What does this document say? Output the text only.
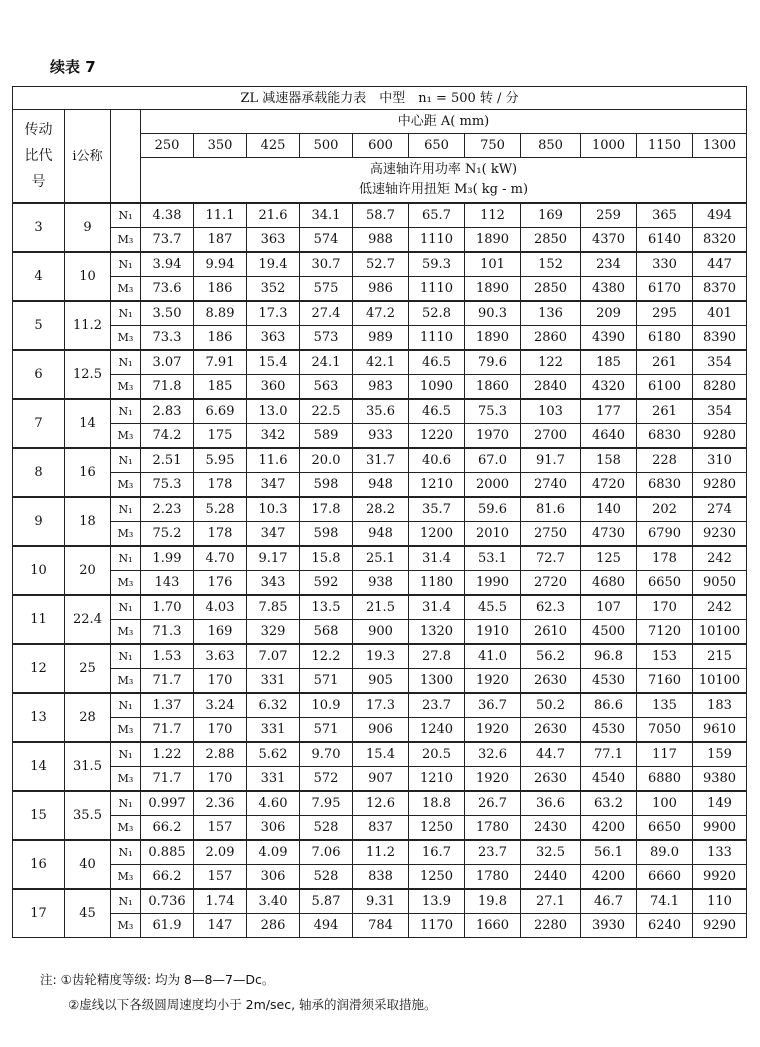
续表 7
ZL 减速器承载能力表　中型　n₁ = 500 转 / 分													

传动比代号	i公称		中心距 A( mm)										
			250	350	425	500	600	650	750	850	1000	1150	1300

			高速轴许用功率 N₁( kW)
低速轴许用扭矩 M₃( kg - m)										

3	9	N₁	4.38	11.1	21.6	34.1	58.7	65.7	112	169	259	365	494
		M₃	73.7	187	363	574	988	1110	1890	2850	4370	6140	8320
4	10	N₁	3.94	9.94	19.4	30.7	52.7	59.3	101	152	234	330	447
		M₃	73.6	186	352	575	986	1110	1890	2850	4380	6170	8370
5	11.2	N₁	3.50	8.89	17.3	27.4	47.2	52.8	90.3	136	209	295	401
		M₃	73.3	186	363	573	989	1110	1890	2860	4390	6180	8390
6	12.5	N₁	3.07	7.91	15.4	24.1	42.1	46.5	79.6	122	185	261	354
		M₃	71.8	185	360	563	983	1090	1860	2840	4320	6100	8280
7	14	N₁	2.83	6.69	13.0	22.5	35.6	46.5	75.3	103	177	261	354
		M₃	74.2	175	342	589	933	1220	1970	2700	4640	6830	9280
8	16	N₁	2.51	5.95	11.6	20.0	31.7	40.6	67.0	91.7	158	228	310
		M₃	75.3	178	347	598	948	1210	2000	2740	4720	6830	9280
9	18	N₁	2.23	5.28	10.3	17.8	28.2	35.7	59.6	81.6	140	202	274
		M₃	75.2	178	347	598	948	1200	2010	2750	4730	6790	9230
10	20	N₁	1.99	4.70	9.17	15.8	25.1	31.4	53.1	72.7	125	178	242
		M₃	143	176	343	592	938	1180	1990	2720	4680	6650	9050
11	22.4	N₁	1.70	4.03	7.85	13.5	21.5	31.4	45.5	62.3	107	170	242
		M₃	71.3	169	329	568	900	1320	1910	2610	4500	7120	10100
12	25	N₁	1.53	3.63	7.07	12.2	19.3	27.8	41.0	56.2	96.8	153	215
		M₃	71.7	170	331	571	905	1300	1920	2630	4530	7160	10100
13	28	N₁	1.37	3.24	6.32	10.9	17.3	23.7	36.7	50.2	86.6	135	183
		M₃	71.7	170	331	571	906	1240	1920	2630	4530	7050	9610
14	31.5	N₁	1.22	2.88	5.62	9.70	15.4	20.5	32.6	44.7	77.1	117	159
		M₃	71.7	170	331	572	907	1210	1920	2630	4540	6880	9380
15	35.5	N₁	0.997	2.36	4.60	7.95	12.6	18.8	26.7	36.6	63.2	100	149
		M₃	66.2	157	306	528	837	1250	1780	2430	4200	6650	9900
16	40	N₁	0.885	2.09	4.09	7.06	11.2	16.7	23.7	32.5	56.1	89.0	133
		M₃	66.2	157	306	528	838	1250	1780	2440	4200	6660	9920
17	45	N₁	0.736	1.74	3.40	5.87	9.31	13.9	19.8	27.1	46.7	74.1	110
		M₃	61.9	147	286	494	784	1170	1660	2280	3930	6240	9290
注: ①齿轮精度等级: 均为 8—8—7—Dc。
②虚线以下各级圆周速度均小于 2m/sec, 轴承的润滑须采取措施。
